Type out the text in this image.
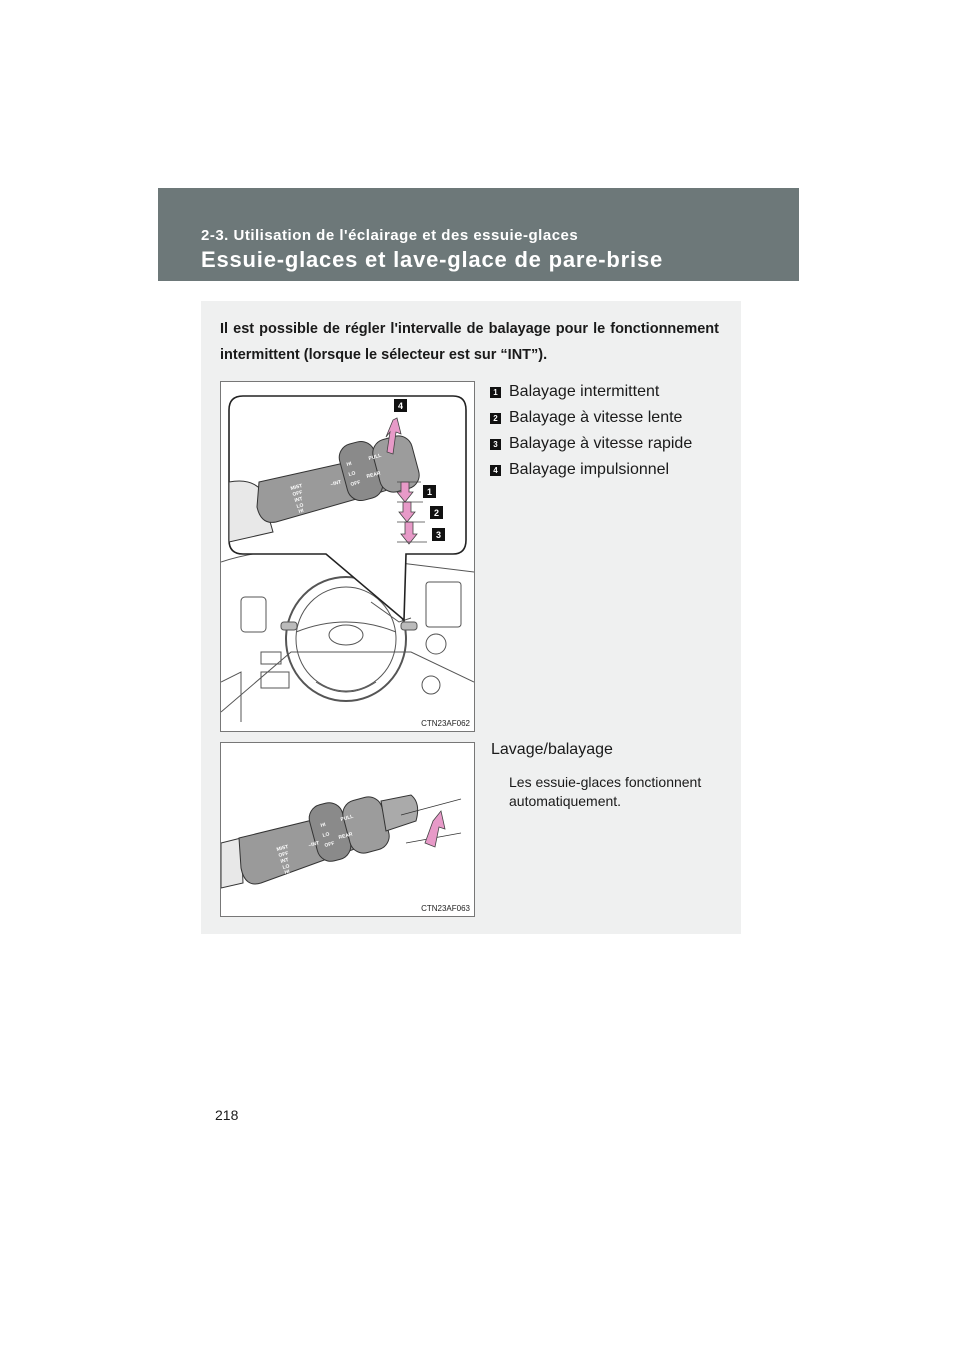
2-3. Utilisation de l'éclairage et des essuie-glaces
Essuie-glaces et lave-glace de pare-brise
Il est possible de régler l'intervalle de balayage pour le fonctionnement intermittent (lorsque le sélecteur est sur “INT”).
MIST
OFF
INT
LO
HI
–INT
HI
LO
OFF
REAR
PULL
4
1
2
3
CTN23AF062
1 Balayage intermittent
2 Balayage à vitesse lente
3 Balayage à vitesse rapide
4 Balayage impulsionnel
MIST
OFF
INT
LO
HI
–INT
HI
LO
OFF
REAR
PULL
CTN23AF063
Lavage/balayage
Les essuie-glaces fonctionnent automatiquement.
218
